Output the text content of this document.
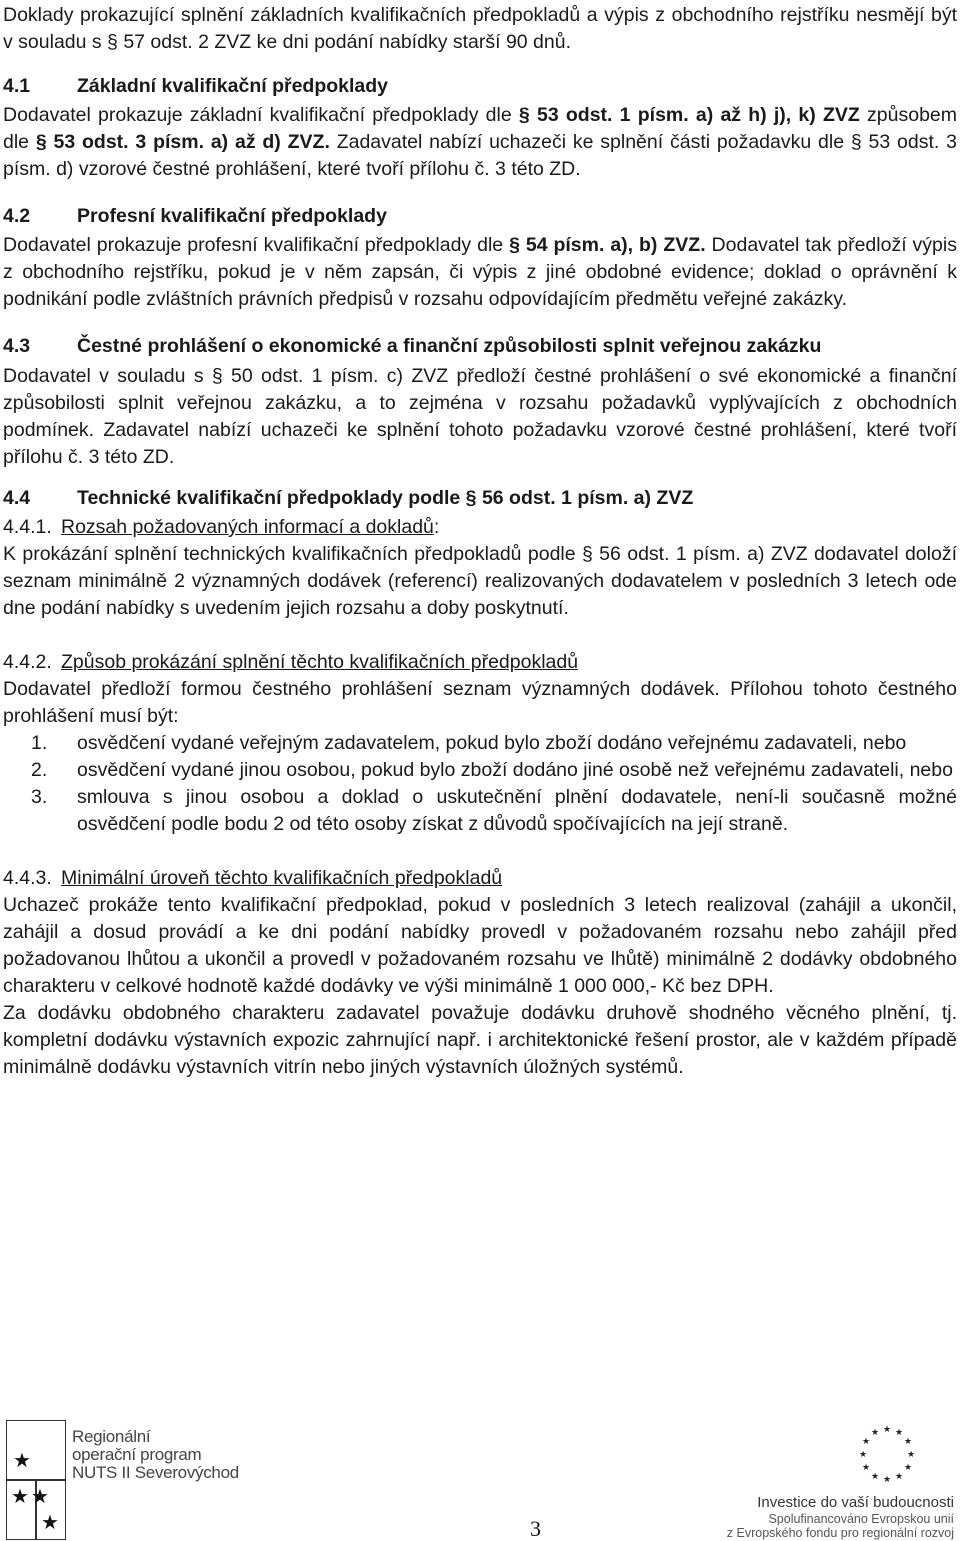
Doklady prokazující splnění základních kvalifikačních předpokladů a výpis z obchodního rejstříku nesmějí být v souladu s § 57 odst. 2 ZVZ ke dni podání nabídky starší 90 dnů.

4.1	Základní kvalifikační předpoklady

Dodavatel prokazuje základní kvalifikační předpoklady dle § 53 odst. 1 písm. a) až h) j), k) ZVZ způsobem dle § 53 odst. 3 písm. a) až d) ZVZ. Zadavatel nabízí uchazeči ke splnění části požadavku dle § 53 odst. 3 písm. d) vzorové čestné prohlášení, které tvoří přílohu č. 3 této ZD.

4.2	Profesní kvalifikační předpoklady

Dodavatel prokazuje profesní kvalifikační předpoklady dle § 54 písm. a), b) ZVZ. Dodavatel tak předloží výpis z obchodního rejstříku, pokud je v něm zapsán, či výpis z jiné obdobné evidence; doklad o oprávnění k podnikání podle zvláštních právních předpisů v rozsahu odpovídajícím předmětu veřejné zakázky.

4.3	Čestné prohlášení o ekonomické a finanční způsobilosti splnit veřejnou zakázku

Dodavatel v souladu s § 50 odst. 1 písm. c) ZVZ předloží čestné prohlášení o své ekonomické a finanční způsobilosti splnit veřejnou zakázku, a to zejména v rozsahu požadavků vyplývajících z obchodních podmínek. Zadavatel nabízí uchazeči ke splnění tohoto požadavku vzorové čestné prohlášení, které tvoří přílohu č. 3 této ZD.

4.4	Technické kvalifikační předpoklady podle § 56 odst. 1 písm. a) ZVZ
4.4.1. Rozsah požadovaných informací a dokladů:

K prokázání splnění technických kvalifikačních předpokladů podle § 56 odst. 1 písm. a) ZVZ dodavatel doloží seznam minimálně 2 významných dodávek (referencí) realizovaných dodavatelem v posledních 3 letech ode dne podání nabídky s uvedením jejich rozsahu a doby poskytnutí.

4.4.2. Způsob prokázání splnění těchto kvalifikačních předpokladů

Dodavatel předloží formou čestného prohlášení seznam významných dodávek. Přílohou tohoto čestného prohlášení musí být:

1.	osvědčení vydané veřejným zadavatelem, pokud bylo zboží dodáno veřejnému zadavateli, nebo
2.	osvědčení vydané jinou osobou, pokud bylo zboží dodáno jiné osobě než veřejnému zadavateli, nebo
3.	smlouva s jinou osobou a doklad o uskutečnění plnění dodavatele, není-li současně možné osvědčení podle bodu 2 od této osoby získat z důvodů spočívajících na její straně.
4.4.3. Minimální úroveň těchto kvalifikačních předpokladů

Uchazeč prokáže tento kvalifikační předpoklad, pokud v posledních 3 letech realizoval (zahájil a ukončil, zahájil a dosud provádí a ke dni podání nabídky provedl v požadovaném rozsahu nebo zahájil před požadovanou lhůtou a ukončil a provedl v požadovaném rozsahu ve lhůtě) minimálně 2 dodávky obdobného charakteru v celkové hodnotě každé dodávky ve výši minimálně 1 000 000,- Kč bez DPH.

Za dodávku obdobného charakteru zadavatel považuje dodávku druhově shodného věcného plnění, tj. kompletní dodávku výstavních expozic zahrnující např. i architektonické řešení prostor, ale v každém případě minimálně dodávku výstavních vitrín nebo jiných výstavních úložných systémů.

★
★ ★
★
Regionální
operační program
NUTS II Severovýchod
3
★ ★
★
★
★
★
★
★
★
★
★
★
Investice do vaší budoucnosti
Spolufinancováno Evropskou unií
z Evropského fondu pro regionální rozvoj
